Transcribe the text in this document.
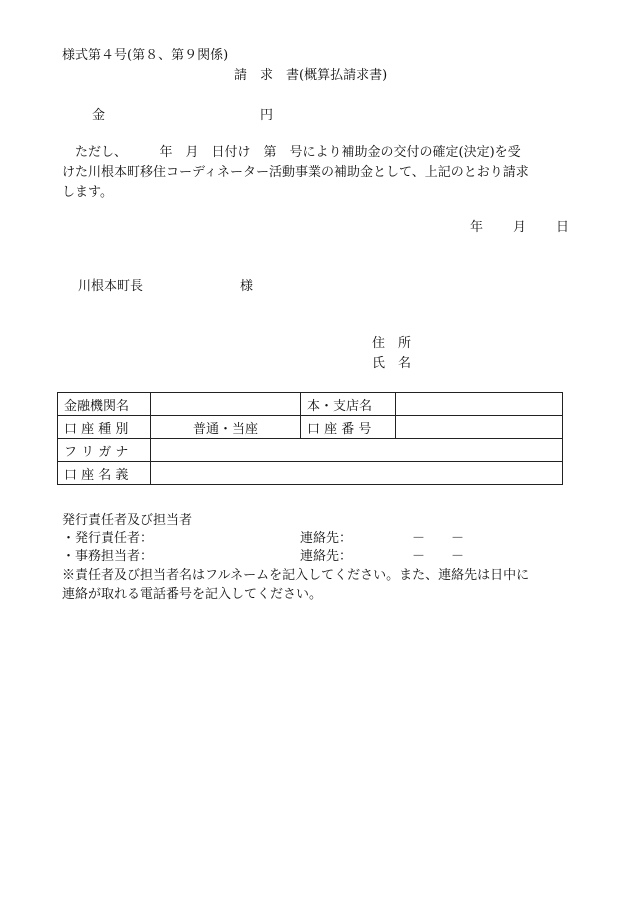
様式第４号(第８、第９関係)
請　求　書(概算払請求書)
金	円

ただし、　　　年　月　日付け　第　号により補助金の交付の確定(決定)を受

けた川根本町移住コーディネーター活動事業の補助金として、上記のとおり請求

します。

年 月 日
川根本町長	様
住　所
氏　名
金融機関名		本・支店名	
口 座 種 別	普通・当座	口 座 番 号	
フ リ ガ ナ			
口 座 名 義			
発行責任者及び担当者
・発行責任者：	連絡先：	－　　－
・事務担当者：	連絡先：	－　　－

※責任者及び担当者名はフルネームを記入してください。また、連絡先は日中に

連絡が取れる電話番号を記入してください。
